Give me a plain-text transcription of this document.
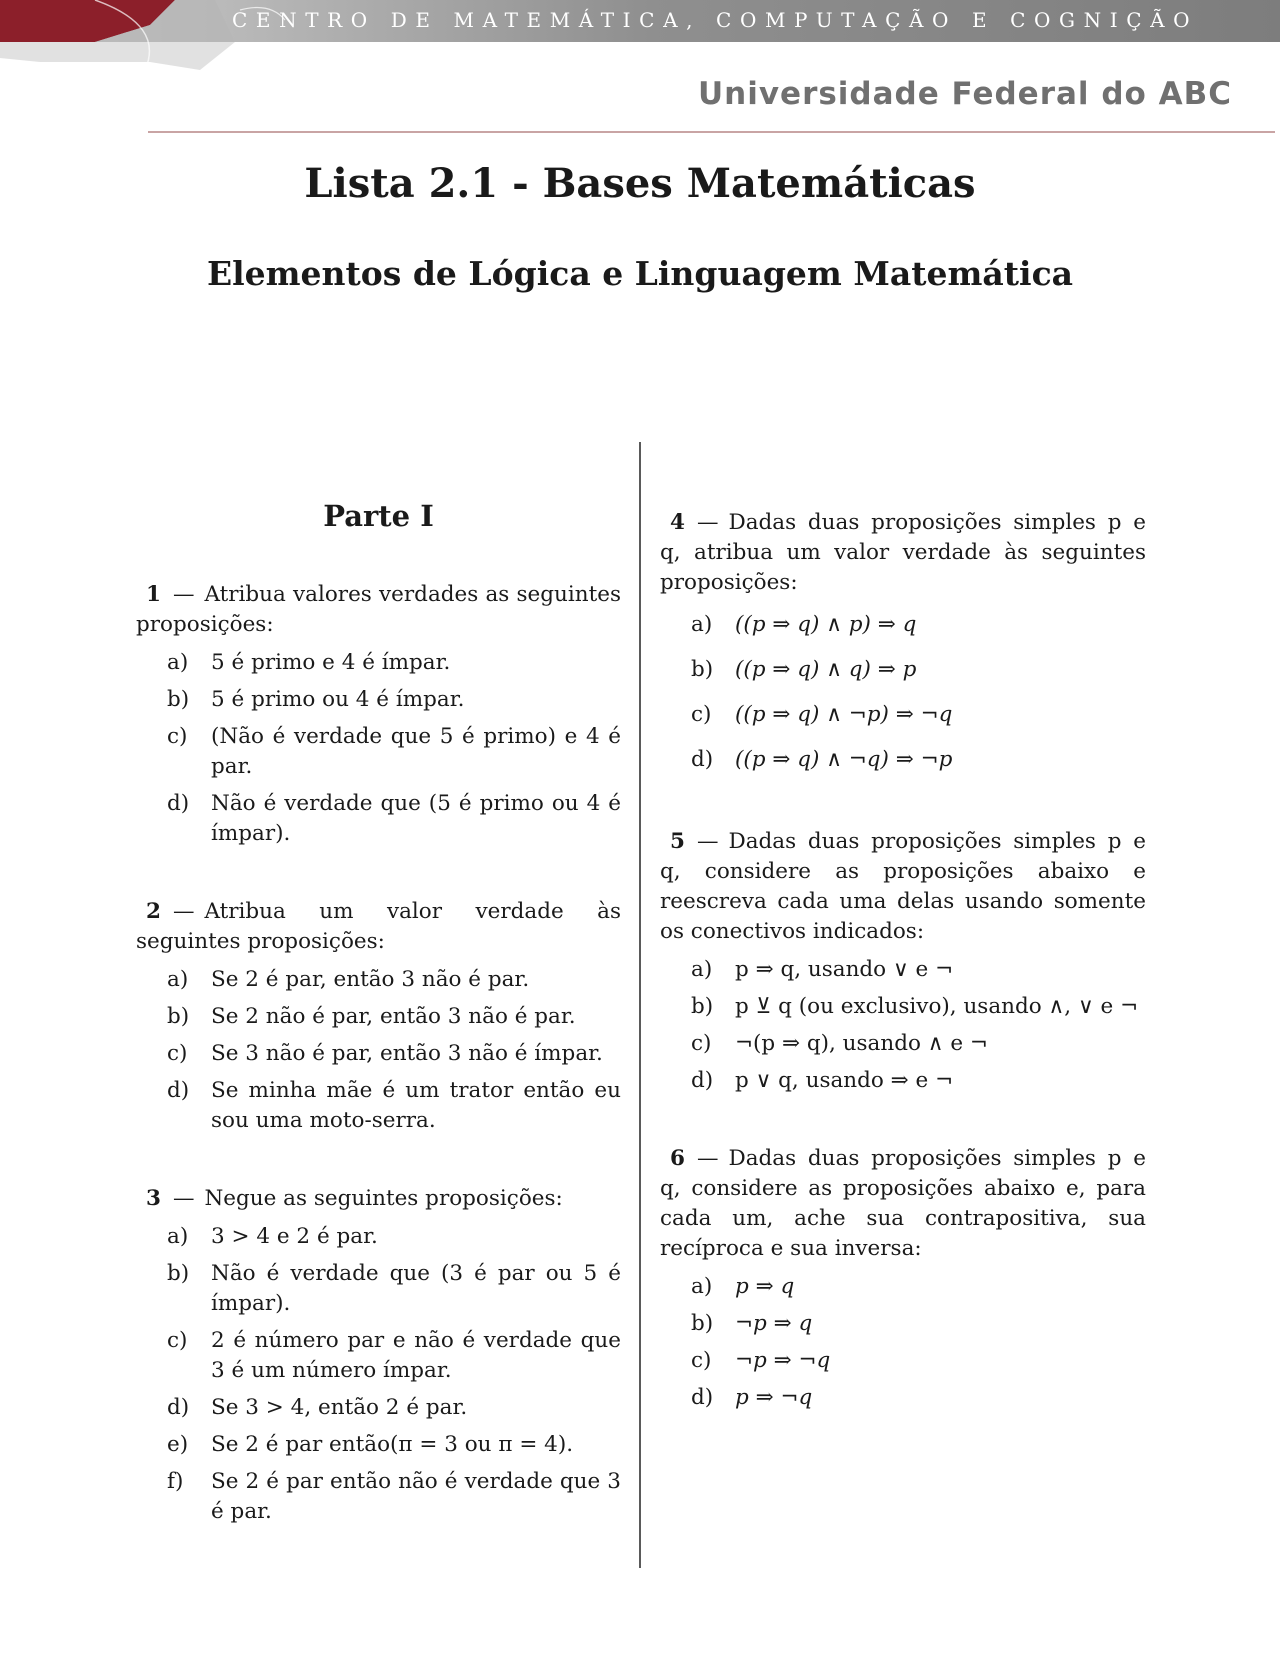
CENTRO DE MATEMÁTICA, COMPUTAÇÃO E COGNIÇÃO
Universidade Federal do ABC
Lista 2.1 - Bases Matemáticas
Elementos de Lógica e Linguagem Matemática
Parte I

1 — Atribua valores verdades as seguintes proposições:

a) 5 é primo e 4 é ímpar.
b) 5 é primo ou 4 é ímpar.
c) (Não é verdade que 5 é primo) e 4 é par.
d) Não é verdade que (5 é primo ou 4 é ímpar).

2 — Atribua um valor verdade às seguintes proposições:

a) Se 2 é par, então 3 não é par.
b) Se 2 não é par, então 3 não é par.
c) Se 3 não é par, então 3 não é ímpar.
d) Se minha mãe é um trator então eu sou uma moto-serra.

3 — Negue as seguintes proposições:

a) 3 > 4 e 2 é par.
b) Não é verdade que (3 é par ou 5 é ímpar).
c) 2 é número par e não é verdade que 3 é um número ímpar.
d) Se 3 > 4, então 2 é par.
e) Se 2 é par então(π = 3 ou π = 4).
f) Se 2 é par então não é verdade que 3 é par.

4 — Dadas duas proposições simples p e q, atribua um valor verdade às seguintes proposições:

a) ((p ⇒ q) ∧ p) ⇒ q
b) ((p ⇒ q) ∧ q) ⇒ p
c) ((p ⇒ q) ∧ ¬p) ⇒ ¬q
d) ((p ⇒ q) ∧ ¬q) ⇒ ¬p

5 — Dadas duas proposições simples p e q, considere as proposições abaixo e reescreva cada uma delas usando somente os conectivos indicados:

a) p ⇒ q, usando ∨ e ¬
b) p ⊻ q (ou exclusivo), usando ∧, ∨ e ¬
c) ¬(p ⇒ q), usando ∧ e ¬
d) p ∨ q, usando ⇒ e ¬

6 — Dadas duas proposições simples p e q, considere as proposições abaixo e, para cada um, ache sua contrapositiva, sua recíproca e sua inversa:

a) p ⇒ q
b) ¬p ⇒ q
c) ¬p ⇒ ¬q
d) p ⇒ ¬q
